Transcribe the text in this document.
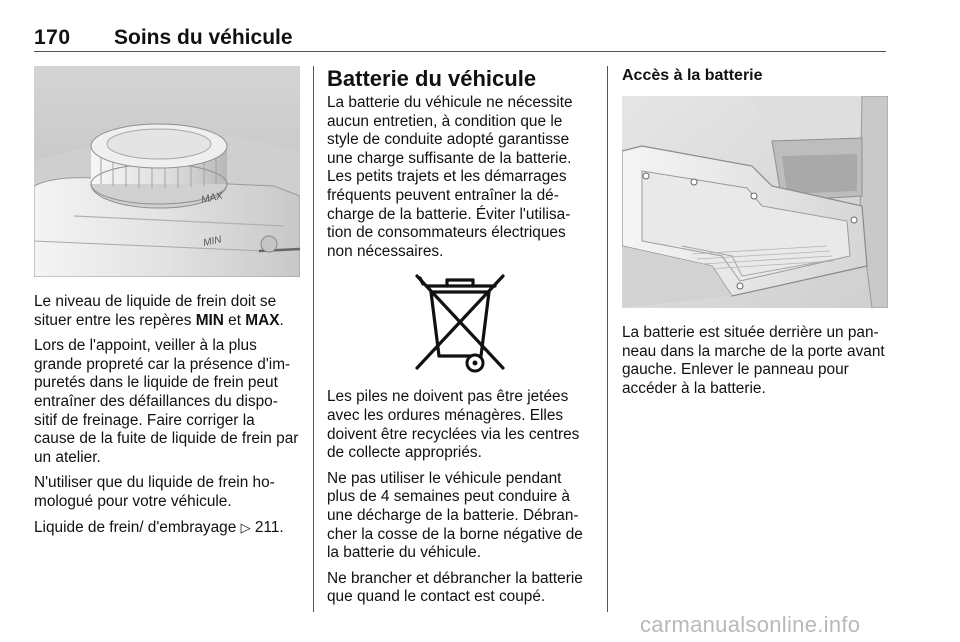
170 Soins du véhicule
MAX
MIN

Le niveau de liquide de frein doit se situer entre les repères MIN et MAX.

Lors de l'appoint, veiller à la plus grande propreté car la présence d'im-puretés dans le liquide de frein peut entraîner des défaillances du dispo-sitif de freinage. Faire corriger la cause de la fuite de liquide de frein par un atelier.

N'utiliser que du liquide de frein ho-mologué pour votre véhicule.

Liquide de frein/ d'embrayage ▷ 211.

Batterie du véhicule

La batterie du véhicule ne nécessite aucun entretien, à condition que le style de conduite adopté garantisse une charge suffisante de la batterie. Les petits trajets et les démarrages fréquents peuvent entraîner la dé-charge de la batterie. Éviter l'utilisa-tion de consommateurs électriques non nécessaires.

Les piles ne doivent pas être jetées avec les ordures ménagères. Elles doivent être recyclées via les centres de collecte appropriés.

Ne pas utiliser le véhicule pendant plus de 4 semaines peut conduire à une décharge de la batterie. Débran-cher la cosse de la borne négative de la batterie du véhicule.

Ne brancher et débrancher la batterie que quand le contact est coupé.

Accès à la batterie

La batterie est située derrière un pan-neau dans la marche de la porte avant gauche. Enlever le panneau pour accéder à la batterie.

carmanualsonline.info
